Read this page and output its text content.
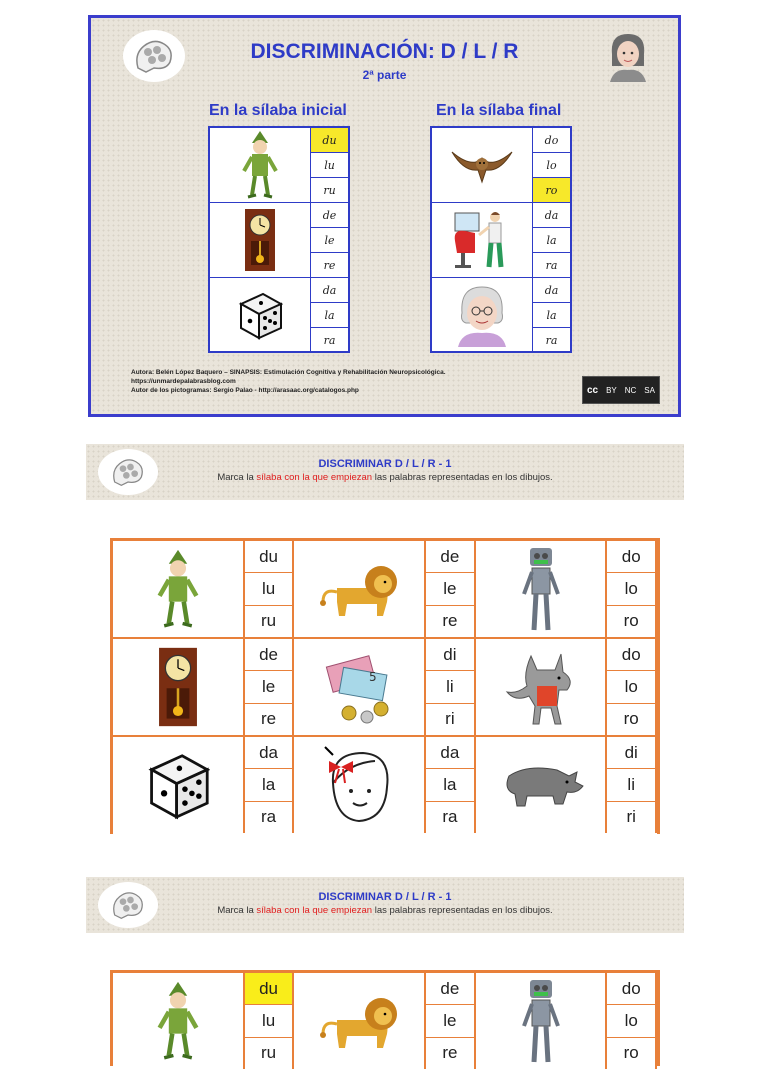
DISCRIMINACIÓN: D / L / R
2ª parte
En la sílaba inicial	En la sílaba final
du
lu
ru
de
le
re
da
la
ra
do
lo
ro
da
la
ra
da
la
ra
Autora: Belén López Baquero – SINAPSIS: Estimulación Cognitiva y Rehabilitación Neuropsicológica.
https://unmardepalabrasblog.com
Autor de los pictogramas: Sergio Palao - http://arasaac.org/catalogos.php	cc BY NC SA
DISCRIMINAR D / L / R - 1
Marca la sílaba con la que empiezan las palabras representadas en los dibujos.
du
lu
ru
de
le
re
do
lo
ro
de
le
re
5
di
li
ri
do
lo
ro
da
la
ra
da
la
ra
di
li
ri
DISCRIMINAR D / L / R - 1
Marca la sílaba con la que empiezan las palabras representadas en los dibujos.
du
lu
ru
de
le
re
do
lo
ro
